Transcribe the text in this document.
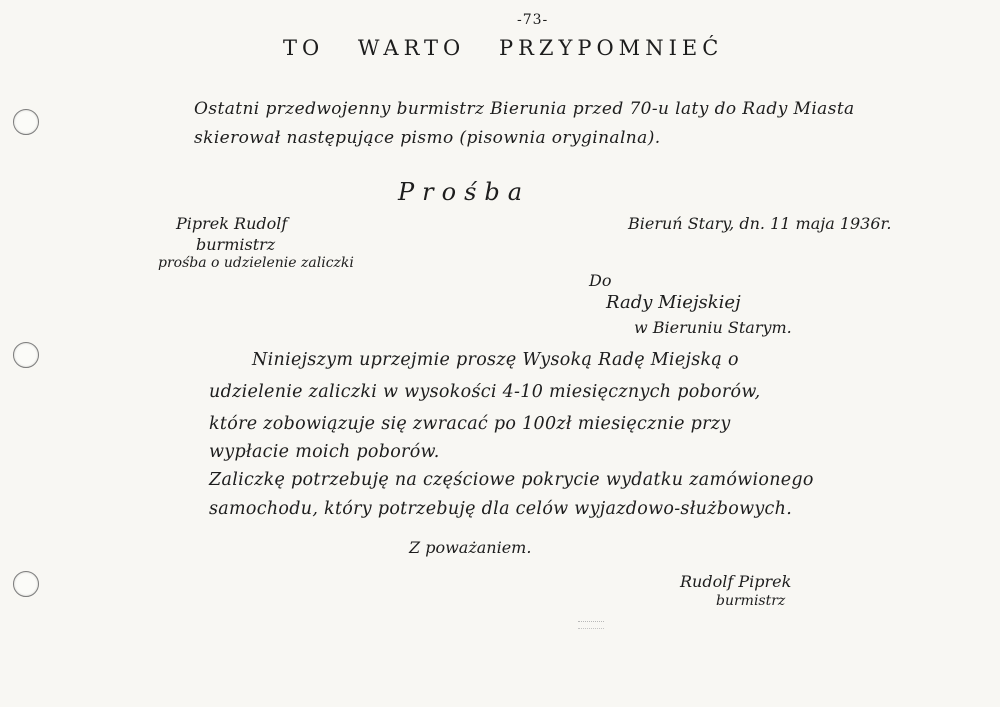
-73-
TO WARTO PRZYPOMNIEĆ
Ostatni przedwojenny burmistrz Bierunia przed 70-u laty do Rady Miasta
skierował następujące pismo (pisownia oryginalna).
Prośba
Piprek Rudolf
burmistrz
prośba o udzielenie zaliczki
Bieruń Stary, dn. 11 maja 1936r.
Do
Rady Miejskiej
w Bieruniu Starym.
Niniejszym uprzejmie proszę Wysoką Radę Miejską o
udzielenie zaliczki w wysokości 4-10 miesięcznych poborów,
które zobowiązuje się zwracać po 100zł miesięcznie przy
wypłacie moich poborów.
Zaliczkę potrzebuję na częściowe pokrycie wydatku zamówionego
samochodu, który potrzebuję dla celów wyjazdowo-służbowych.
Z poważaniem.
Rudolf Piprek
burmistrz
